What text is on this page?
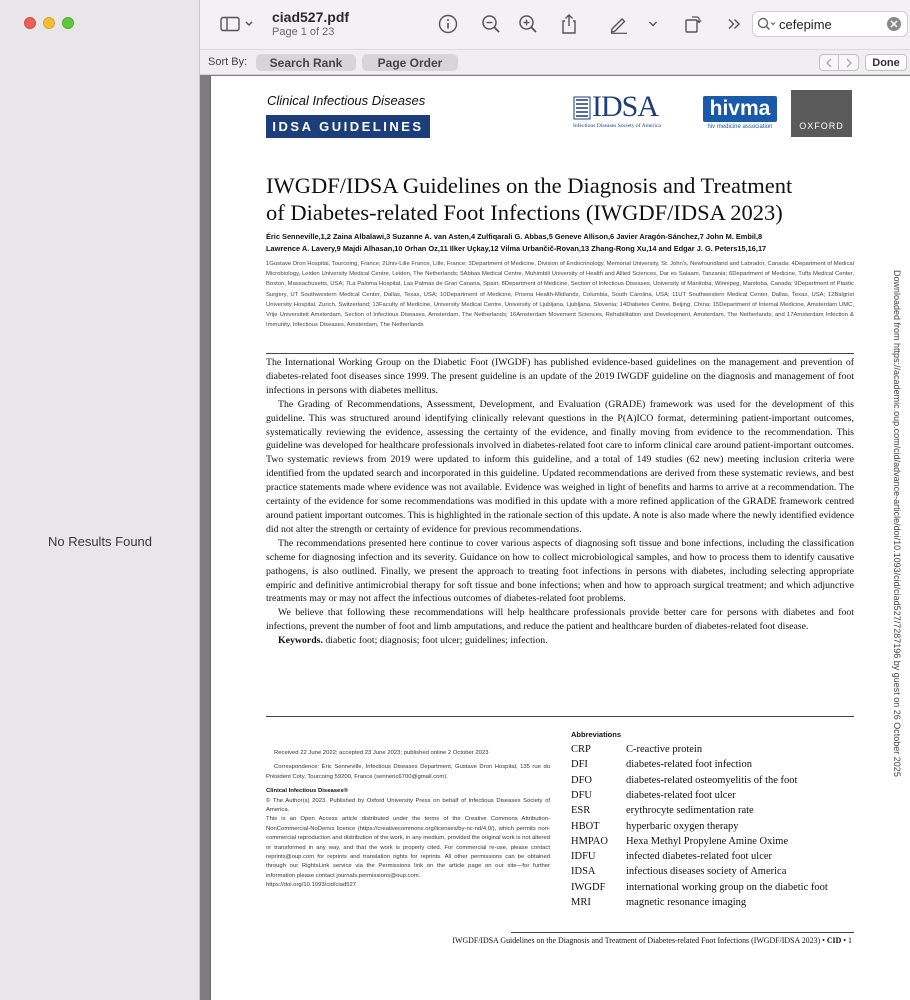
No Results Found
ciad527.pdf
Page 1 of 23
cefepime
Sort By:	Search Rank	Page Order	Done
Clinical Infectious Diseases
IDSA GUIDELINES
IDSA
Infectious Diseases Society of America
hivma
hiv medicine association	OXFORD
IWGDF/IDSA Guidelines on the Diagnosis and Treatment
of Diabetes-related Foot Infections (IWGDF/IDSA 2023)
Éric Senneville,1,2 Zaina Albalawi,3 Suzanne A. van Asten,4 Zulfiqarali G. Abbas,5 Geneve Allison,6 Javier Aragón-Sánchez,7 John M. Embil,8
Lawrence A. Lavery,9 Majdi Alhasan,10 Orhan Oz,11 Ilker Uçkay,12 Vilma Urbančič-Rovan,13 Zhang-Rong Xu,14 and Edgar J. G. Peters15,16,17
1Gustave Dron Hospital, Tourcoing, France; 2Univ-Lille France, Lille, France; 3Department of Medicine, Division of Endocrinology, Memorial University, St. John's, Newfoundland and Labrador, Canada; 4Department of Medical Microbiology, Leiden University Medical Centre, Leiden, The Netherlands; 5Abbas Medical Centre, Muhimbili University of Health and Allied Sciences, Dar es Salaam, Tanzania; 6Department of Medicine, Tufts Medical Center, Boston, Massachusetts, USA; 7La Paloma Hospital, Las Palmas de Gran Canaria, Spain; 8Department of Medicine, Section of Infectious Diseases, University of Manitoba, Winnipeg, Manitoba, Canada; 9Department of Plastic Surgery, UT Southwestern Medical Center, Dallas, Texas, USA; 10Department of Medicine, Prisma Health-Midlands, Columbia, South Carolina, USA; 11UT Southwestern Medical Center, Dallas, Texas, USA; 12Balgrist University Hospital, Zurich, Switzerland; 13Faculty of Medicine, University Medical Centre, University of Ljubljana, Ljubljana, Slovenia; 14Diabetes Centre, Beijing, China; 15Department of Internal Medicine, Amsterdam UMC, Vrije Universiteit Amsterdam, Section of Infectious Diseases, Amsterdam, The Netherlands; 16Amsterdam Movement Sciences, Rehabilitation and Development, Amsterdam, The Netherlands; and 17Amsterdam Infection & Immunity, Infectious Diseases, Amsterdam, The Netherlands

The International Working Group on the Diabetic Foot (IWGDF) has published evidence-based guidelines on the management and prevention of diabetes-related foot diseases since 1999. The present guideline is an update of the 2019 IWGDF guideline on the diagnosis and management of foot infections in persons with diabetes mellitus.

The Grading of Recommendations, Assessment, Development, and Evaluation (GRADE) framework was used for the development of this guideline. This was structured around identifying clinically relevant questions in the P(A)ICO format, determining patient-important outcomes, systematically reviewing the evidence, assessing the certainty of the evidence, and finally moving from evidence to the recommendation. This guideline was developed for healthcare professionals involved in diabetes-related foot care to inform clinical care around patient-important outcomes. Two systematic reviews from 2019 were updated to inform this guideline, and a total of 149 studies (62 new) meeting inclusion criteria were identified from the updated search and incorporated in this guideline. Updated recommendations are derived from these systematic reviews, and best practice statements made where evidence was not available. Evidence was weighed in light of benefits and harms to arrive at a recommendation. The certainty of the evidence for some recommendations was modified in this update with a more refined application of the GRADE framework centred around patient important outcomes. This is highlighted in the rationale section of this update. A note is also made where the newly identified evidence did not alter the strength or certainty of evidence for previous recommendations.

The recommendations presented here continue to cover various aspects of diagnosing soft tissue and bone infections, including the classification scheme for diagnosing infection and its severity. Guidance on how to collect microbiological samples, and how to process them to identify causative pathogens, is also outlined. Finally, we present the approach to treating foot infections in persons with diabetes, including selecting appropriate empiric and definitive antimicrobial therapy for soft tissue and bone infections; when and how to approach surgical treatment; and which adjunctive treatments may or may not affect the infectious outcomes of diabetes-related foot problems.

We believe that following these recommendations will help healthcare professionals provide better care for persons with diabetes and foot infections, prevent the number of foot and limb amputations, and reduce the patient and healthcare burden of diabetes-related foot disease.

Keywords. diabetic foot; diagnosis; foot ulcer; guidelines; infection.

Received 22 June 2022; accepted 23 June 2023; published online 2 October 2023
Correspondence: Éric Senneville, Infectious Diseases Department, Gustave Dron Hospital, 135 rue du Président Coty, Tourcoing 59200, France (senneric6700@gmail.com).
Clinical Infectious Diseases®
© The Author(s) 2023. Published by Oxford University Press on behalf of Infectious Diseases Society of America.
This is an Open Access article distributed under the terms of the Creative Commons Attribution-NonCommercial-NoDerivs licence (https://creativecommons.org/licenses/by-nc-nd/4.0/), which permits non-commercial reproduction and distribution of the work, in any medium, provided the original work is not altered or transformed in any way, and that the work is properly cited. For commercial re-use, please contact reprints@oup.com for reprints and translation rights for reprints. All other permissions can be obtained through our RightsLink service via the Permissions link on the article page on our site—for further information please contact journals.permissions@oup.com.
https://doi.org/10.1093/cid/ciad527
Abbreviations
CRP	C-reactive protein
DFI	diabetes-related foot infection
DFO	diabetes-related osteomyelitis of the foot
DFU	diabetes-related foot ulcer
ESR	erythrocyte sedimentation rate
HBOT	hyperbaric oxygen therapy
HMPAO Hexa Methyl Propylene Amine Oxime
IDFU	infected diabetes-related foot ulcer
IDSA	infectious diseases society of America
IWGDF international working group on the diabetic foot
MRI	magnetic resonance imaging
IWGDF/IDSA Guidelines on the Diagnosis and Treatment of Diabetes-related Foot Infections (IWGDF/IDSA 2023) • CID • 1
Downloaded from https://academic.oup.com/cid/advance-article/doi/10.1093/cid/ciad527/7287196 by guest on 26 October 2025
